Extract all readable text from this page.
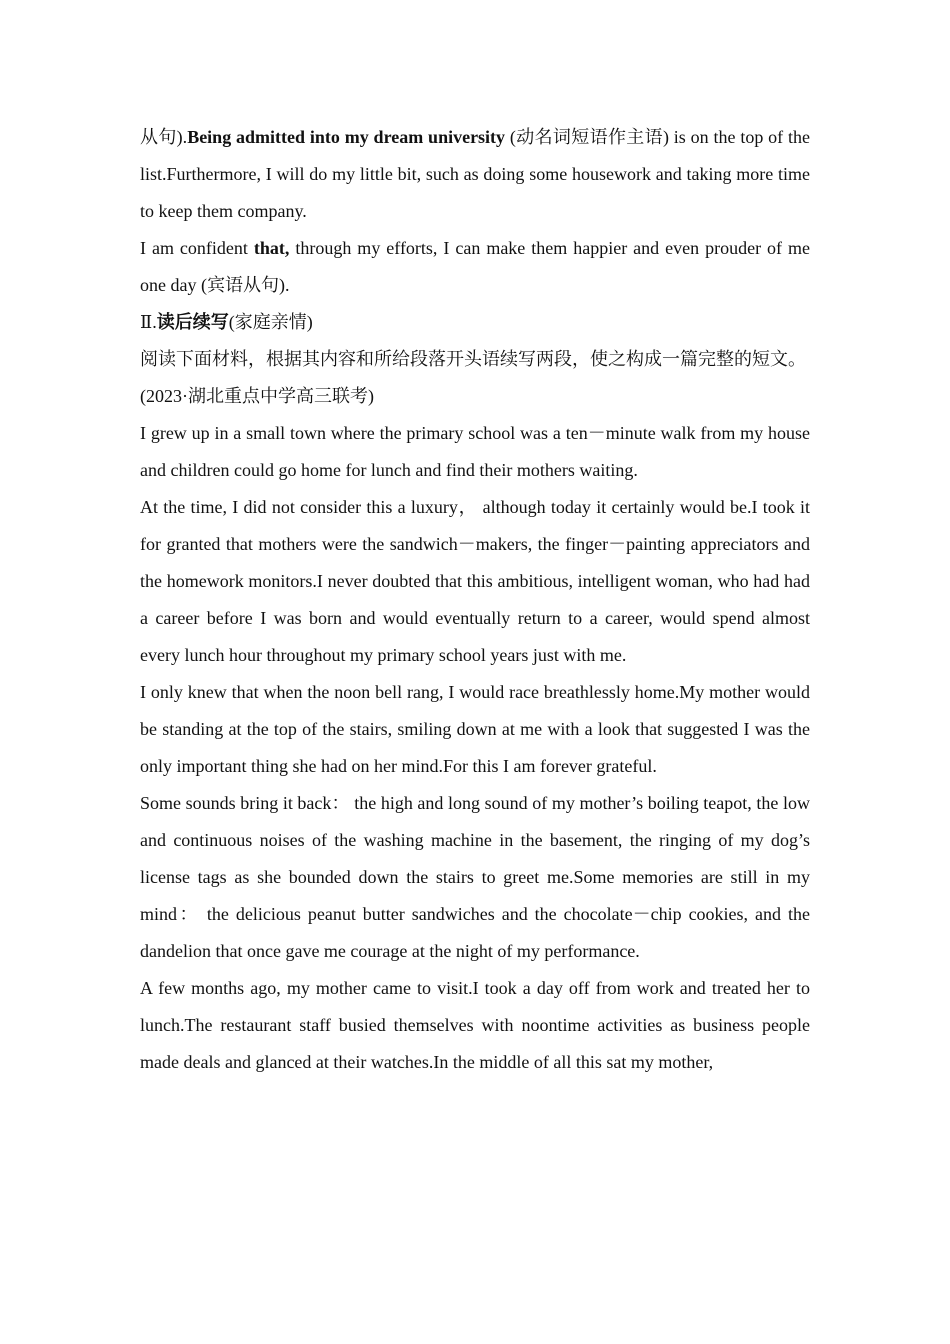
从句).Being admitted into my dream university (动名词短语作主语) is on the top of the list.Furthermore, I will do my little bit, such as doing some housework and taking more time to keep them company.

I am confident that, through my efforts, I can make them happier and even prouder of me one day (宾语从句).

Ⅱ.读后续写(家庭亲情)

阅读下面材料，根据其内容和所给段落开头语续写两段，使之构成一篇完整的短文。

(2023·湖北重点中学高三联考)

I grew up in a small town where the primary school was a ten－minute walk from my house and children could go home for lunch and find their mothers waiting.

At the time, I did not consider this a luxury， although today it certainly would be.I took it for granted that mothers were the sandwich－makers, the finger－painting appreciators and the homework monitors.I never doubted that this ambitious, intelligent woman, who had had a career before I was born and would eventually return to a career, would spend almost every lunch hour throughout my primary school years just with me.

I only knew that when the noon bell rang, I would race breathlessly home.My mother would be standing at the top of the stairs, smiling down at me with a look that suggested I was the only important thing she had on her mind.For this I am forever grateful.

Some sounds bring it back： the high and long sound of my mother’s boiling teapot, the low and continuous noises of the washing machine in the basement, the ringing of my dog’s license tags as she bounded down the stairs to greet me.Some memories are still in my mind： the delicious peanut butter sandwiches and the chocolate－chip cookies, and the dandelion that once gave me courage at the night of my performance.

A few months ago, my mother came to visit.I took a day off from work and treated her to lunch.The restaurant staff busied themselves with noontime activities as business people made deals and glanced at their watches.In the middle of all this sat my mother,
